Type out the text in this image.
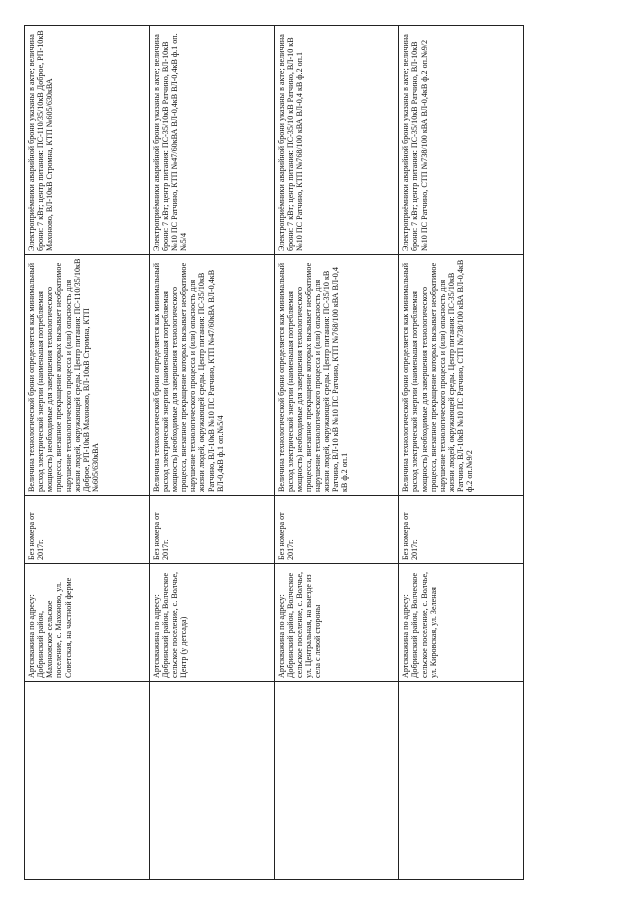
	Артскважина по адресу: Добринский район, Махоновское сельское поселение, с. Махоново, ул. Советская, на частной ферме	Без номера от 2017г.	Величина технологической брони определяется как минимальный расход электрической энергии (наименьшая потребляемая мощность) необходимые для завершения технологического процесса, внезапное прекращение которых вызывает необратимое нарушение технологического процесса и (или) опасность для жизни людей, окружающей среды. Центр питания: ПС-110/35/10кВ Доброе, РП-10кВ Махоново, ВЛ-10кВ Стромна, КТП №605/630кВА	Электроприёмники аварийной брони указаны в акте; величина брони: 7 кВт; центр питания: ПС-110/35/10кВ Доброе, РП-10кВ Махоново, ВЛ-10кВ Стромна, КТП №605/630кВА
	Артскважина по адресу: Добринский район, Волческое сельское поселение, с. Волчье, Центр (у детсада)	Без номера от 2017г.	Величина технологической брони определяется как минимальный расход электрической энергии (наименьшая потребляемая мощность) необходимые для завершения технологического процесса, внезапное прекращение которых вызывает необратимое нарушение технологического процесса и (или) опасность для жизни людей, окружающей среды. Центр питания: ПС-35/10кВ Ратчино, ВЛ-10кВ №10 ПС Ратчино, КТП №47/60кВА ВЛ-0,4кВ ВЛ-0,4кВ ф.1 оп.№5/4	Электроприёмники аварийной брони указаны в акте; величина брони: 7 кВт; центр питания: ПС-35/10кВ Ратчино, ВЛ-10кВ №10 ПС Ратчино, КТП №47/60кВА ВЛ-0,4кВ ВЛ-0,4кВ ф.1 оп.№5/4
	Артскважина по адресу: Добринский район, Волческое сельское поселение, с. Волчье, ул. Центральная, на выезде из села с левой стороны	Без номера от 2017г.	Величина технологической брони определяется как минимальный расход электрической энергии (наименьшая потребляемая мощность) необходимые для завершения технологического процесса, внезапное прекращение которых вызывает необратимое нарушение технологического процесса и (или) опасность для жизни людей, окружающей среды. Центр питания: ПС-35/10 кВ Ратчино, ВЛ-10 кВ №10 ПС Ратчино, КТП №768/100 кВА ВЛ-0,4 кВ ф.2 оп.1	Электроприёмники аварийной брони указаны в акте; величина брони: 7 кВт; центр питания: ПС-35/10 кВ Ратчино, ВЛ-10 кВ №10 ПС Ратчино, КТП №768/100 кВА ВЛ-0,4 кВ ф.2 оп.1
	Артскважина по адресу: Добринский район, Волческое сельское поселение, с. Волчье, ул. Кировская, ул. Зеленая	Без номера от 2017г.	Величина технологической брони определяется как минимальный расход электрической энергии (наименьшая потребляемая мощность) необходимые для завершения технологического процесса, внезапное прекращение которых вызывает необратимое нарушение технологического процесса и (или) опасность для жизни людей, окружающей среды. Центр питания: ПС-35/10кВ Ратчино, ВЛ-10кВ №10 ПС Ратчино, СТП №738/100 кВА ВЛ-0,4кВ ф.2 оп.№9/2	Электроприёмники аварийной брони указаны в акте; величина брони: 7 кВт; центр питания: ПС-35/10кВ Ратчино, ВЛ-10кВ №10 ПС Ратчино, СТП №738/100 кВА ВЛ-0,4кВ ф.2 оп.№9/2
